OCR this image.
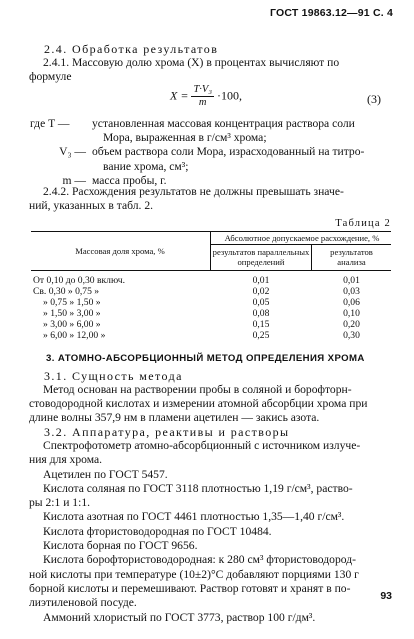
ГОСТ 19863.12—91 С. 4
2.4. Обработка результатов
2.4.1. Массовую долю хрома (X) в процентах вычисляют по
формуле
$X = \frac{\text{T·V₃}}{m} \cdot 100$,	(3)
где T — установленная массовая концентрация раствора соли
Мора, выраженная в г/см³ хрома;
V₃ — объем раствора соли Мора, израсходованный на титро-
вание хрома, см³;
m — масса пробы, г.
2.4.2. Расхождения результатов не должны превышать значе-
ний, указанных в табл. 2.
Таблица 2
Абсолютное допускаемое расхождение, %
Массовая доля хрома, %	результатов параллельных
определений
результатов
анализа
От 0,10 до 0,30 включ.	0,01	0,01
Св. 0,30 » 0,75 »	0,02	0,03
» 0,75 » 1,50 »	0,05	0,06
» 1,50 » 3,00 »	0,08	0,10
» 3,00 » 6,00 »	0,15	0,20
» 6,00 » 12,00 »	0,25	0,30
3. АТОМНО-АБСОРБЦИОННЫЙ МЕТОД ОПРЕДЕЛЕНИЯ ХРОМА
3.1. Сущность метода
Метод основан на растворении пробы в соляной и борофторн-
стоводородной кислотах и измерении атомной абсорбции хрома при
длине волны 357,9 нм в пламени ацетилен — закись азота.
3.2. Аппаратура, реактивы и растворы
Спектрофотометр атомно-абсорбционный с источником излуче-
ния для хрома.
Ацетилен по ГОСТ 5457.
Кислота соляная по ГОСТ 3118 плотностью 1,19 г/см³, раство-
ры 2:1 и 1:1.
Кислота азотная по ГОСТ 4461 плотностью 1,35—1,40 г/см³.
Кислота фтористоводородная по ГОСТ 10484.
Кислота борная по ГОСТ 9656.
Кислота борофтористоводородная: к 280 см³ фтористоводород-
ной кислоты при температуре (10±2)°С добавляют порциями 130 г
борной кислоты и перемешивают. Раствор готовят и хранят в по-
лиэтиленовой посуде.
Аммоний хлористый по ГОСТ 3773, раствор 100 г/дм³.
93
